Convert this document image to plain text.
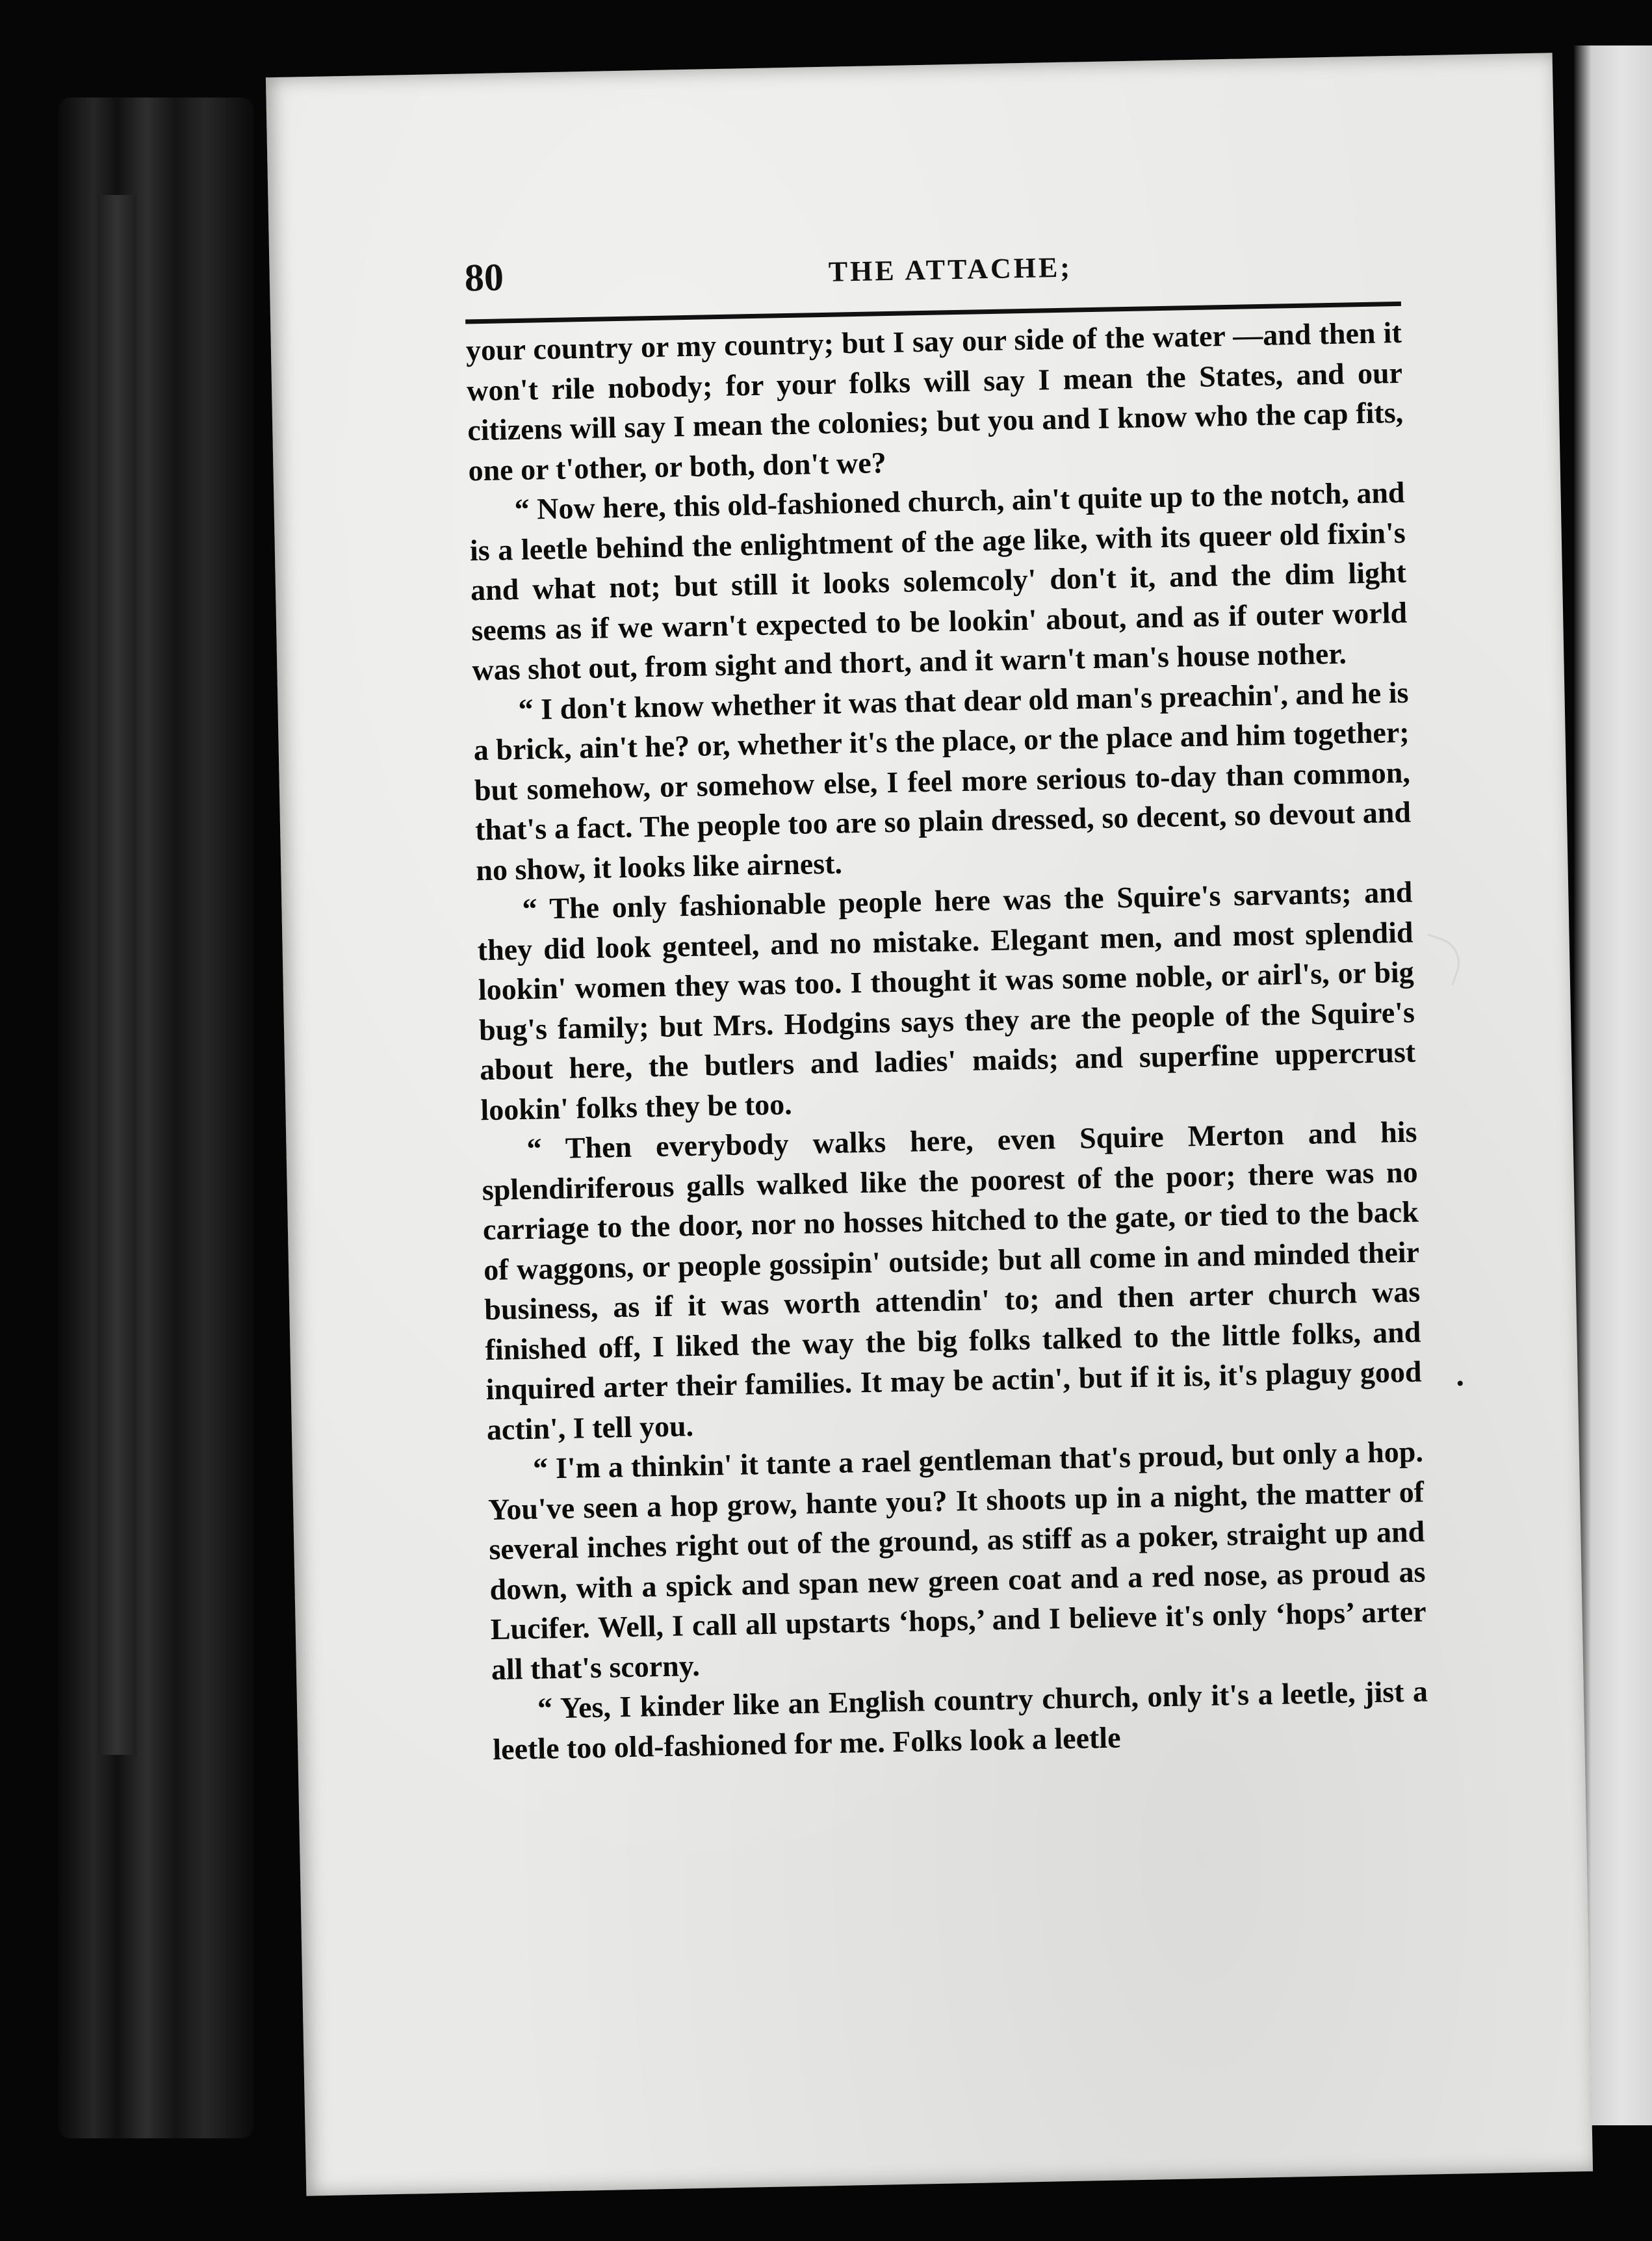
80	THE ATTACHE;

your country or my country; but I say our side of the water —and then it won't rile nobody; for your folks will say I mean the States, and our citizens will say I mean the colonies; but you and I know who the cap fits, one or t'other, or both, don't we?

“ Now here, this old-fashioned church, ain't quite up to the notch, and is a leetle behind the enlightment of the age like, with its queer old fixin's and what not; but still it looks solemcoly' don't it, and the dim light seems as if we warn't expected to be lookin' about, and as if outer world was shot out, from sight and thort, and it warn't man's house nother.

“ I don't know whether it was that dear old man's preachin', and he is a brick, ain't he? or, whether it's the place, or the place and him together; but somehow, or somehow else, I feel more serious to-day than common, that's a fact. The people too are so plain dressed, so decent, so devout and no show, it looks like airnest.

“ The only fashionable people here was the Squire's sarvants; and they did look genteel, and no mistake. Elegant men, and most splendid lookin' women they was too. I thought it was some noble, or airl's, or big bug's family; but Mrs. Hodgins says they are the people of the Squire's about here, the butlers and ladies' maids; and superfine uppercrust lookin' folks they be too.

“ Then everybody walks here, even Squire Merton and his splendiriferous galls walked like the poorest of the poor; there was no carriage to the door, nor no hosses hitched to the gate, or tied to the back of waggons, or people gossipin' outside; but all come in and minded their business, as if it was worth attendin' to; and then arter church was finished off, I liked the way the big folks talked to the little folks, and inquired arter their families. It may be actin', but if it is, it's plaguy good actin', I tell you.

“ I'm a thinkin' it tante a rael gentleman that's proud, but only a hop. You've seen a hop grow, hante you? It shoots up in a night, the matter of several inches right out of the ground, as stiff as a poker, straight up and down, with a spick and span new green coat and a red nose, as proud as Lucifer. Well, I call all upstarts ‘hops,’ and I believe it's only ‘hops’ arter all that's scorny.

“ Yes, I kinder like an English country church, only it's a leetle, jist a leetle too old-fashioned for me. Folks look a leetle
